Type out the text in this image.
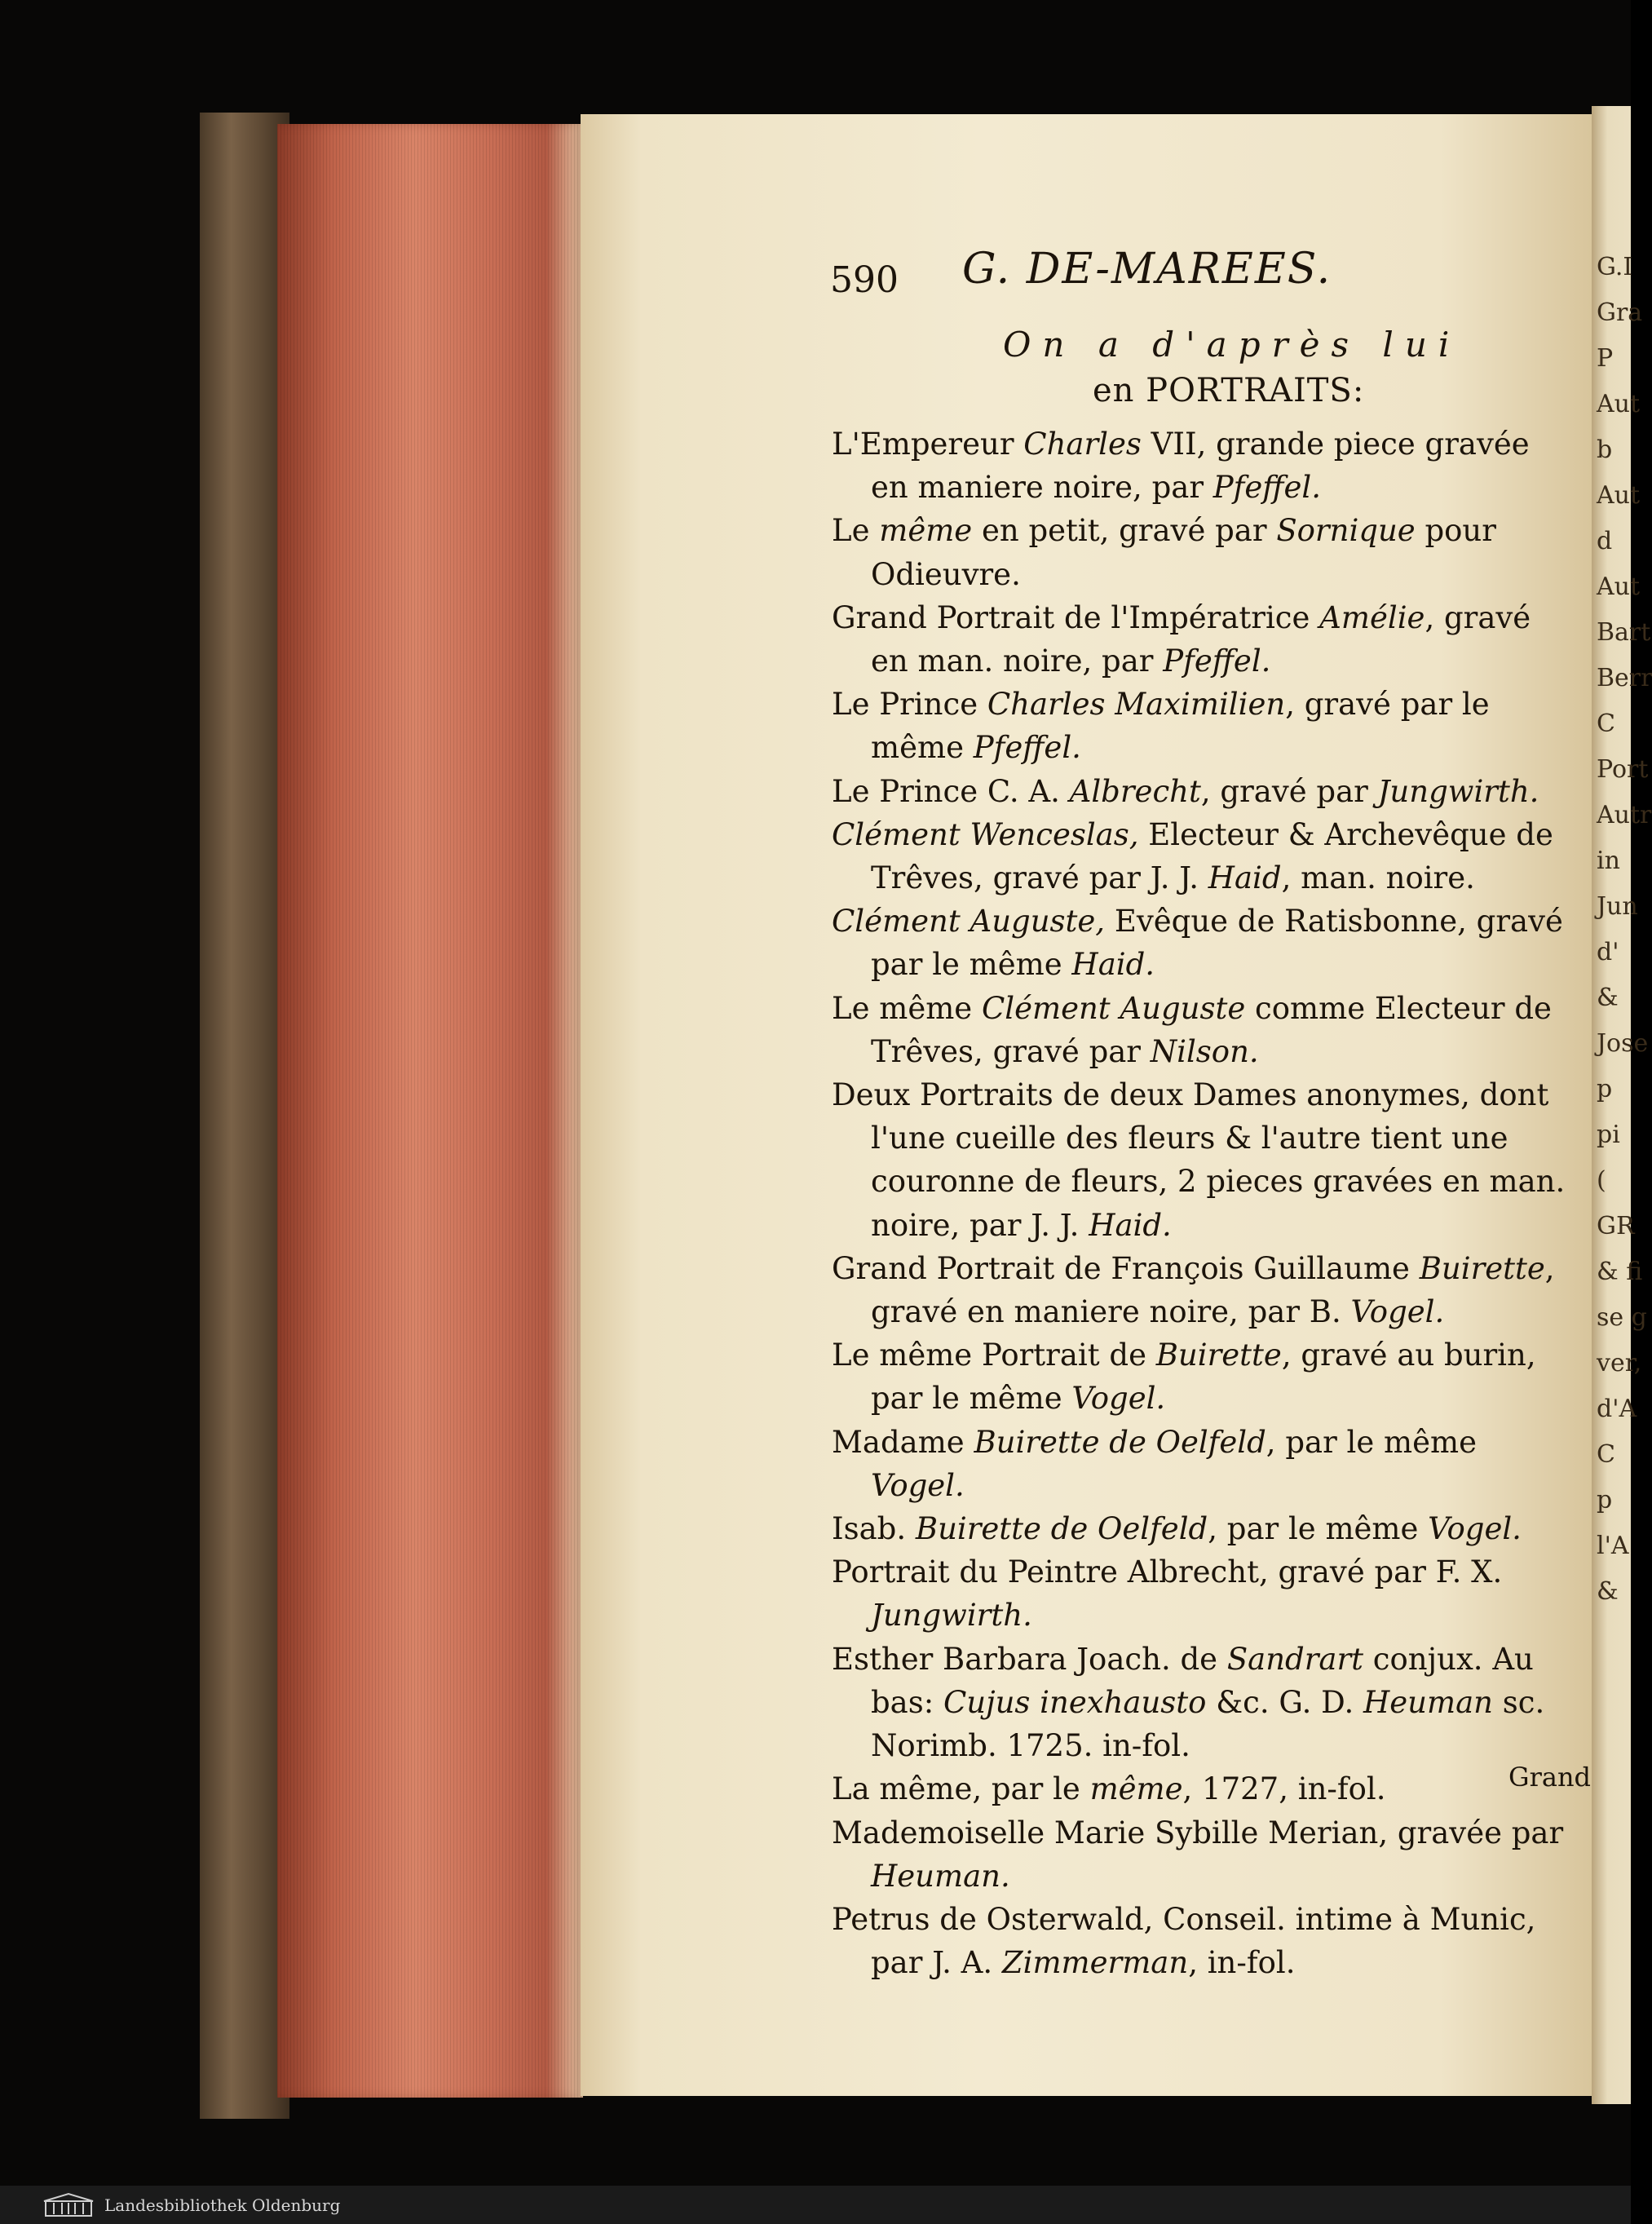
590 G. DE-MAREES.
On a d'après lui
en PORTRAITS:
L'Empereur Charles VII, grande piece gravée en maniere noire, par Pfeffel.
Le même en petit, gravé par Sornique pour Odieuvre.
Grand Portrait de l'Impératrice Amélie, gravé en man. noire, par Pfeffel.
Le Prince Charles Maximilien, gravé par le même Pfeffel.
Le Prince C. A. Albrecht, gravé par Jungwirth.
Clément Wenceslas, Electeur & Archevêque de Trêves, gravé par J. J. Haid, man. noire.
Clément Auguste, Evêque de Ratisbonne, gravé par le même Haid.
Le même Clément Auguste comme Electeur de Trêves, gravé par Nilson.
Deux Portraits de deux Dames anonymes, dont l'une cueille des fleurs & l'autre tient une couronne de fleurs, 2 pieces gravées en man. noire, par J. J. Haid.
Grand Portrait de François Guillaume Buirette, gravé en maniere noire, par B. Vogel.
Le même Portrait de Buirette, gravé au burin, par le même Vogel.
Madame Buirette de Oelfeld, par le même Vogel.
Isab. Buirette de Oelfeld, par le même Vogel.
Portrait du Peintre Albrecht, gravé par F. X. Jungwirth.
Esther Barbara Joach. de Sandrart conjux. Au bas: Cujus inexhausto &c. G. D. Heuman sc. Norimb. 1725. in-fol.
La même, par le même, 1727, in-fol.
Mademoiselle Marie Sybille Merian, gravée par Heuman.
Petrus de Osterwald, Conseil. intime à Munic, par J. A. Zimmerman, in-fol.
Grand
G.I
Gra
P
Aut
b
Aut
d
Aut
Bart
Berr
C
Port
Autr
in
Jun
d'
&
Jose
p
pi
(
GR
& fi
se g
ver,
d'A
C
p
l'A
&
Landesbibliothek Oldenburg
